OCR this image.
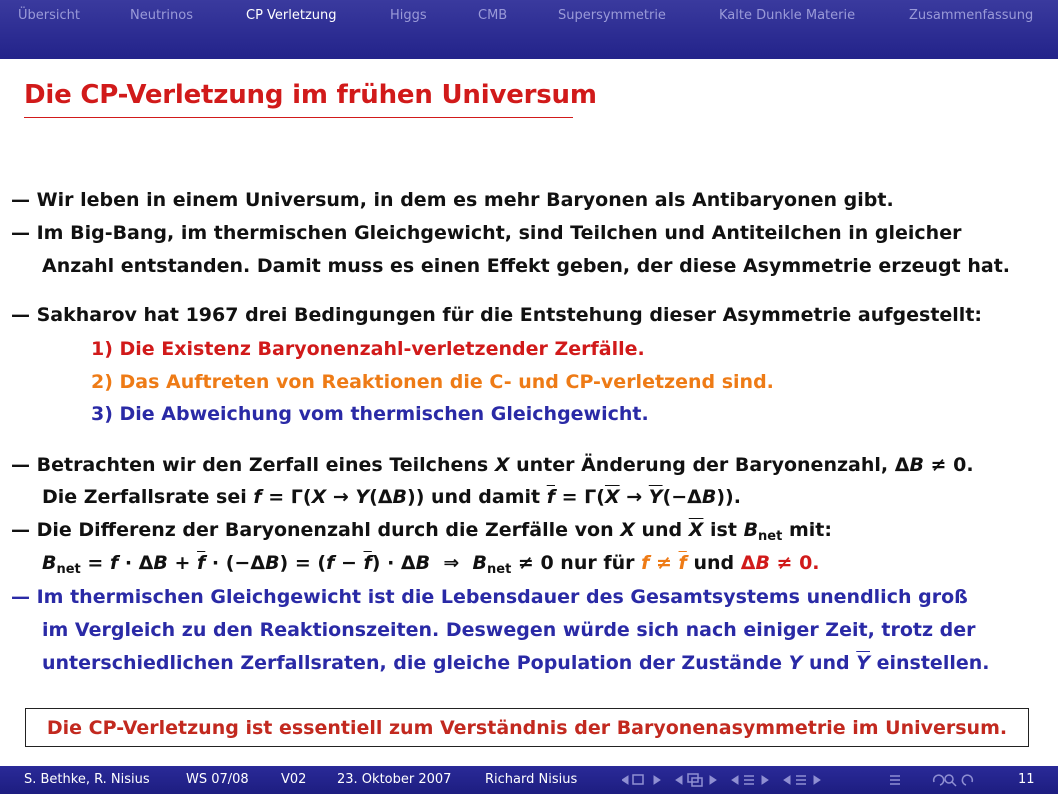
Übersicht	Neutrinos	CP Verletzung	Higgs	CMB	Supersymmetrie	Kalte Dunkle Materie	Zusammenfassung
Die CP-Verletzung im frühen Universum
— Wir leben in einem Universum, in dem es mehr Baryonen als Antibaryonen gibt.
— Im Big-Bang, im thermischen Gleichgewicht, sind Teilchen und Antiteilchen in gleicher
Anzahl entstanden. Damit muss es einen Effekt geben, der diese Asymmetrie erzeugt hat.
— Sakharov hat 1967 drei Bedingungen für die Entstehung dieser Asymmetrie aufgestellt:
1) Die Existenz Baryonenzahl-verletzender Zerfälle.
2) Das Auftreten von Reaktionen die C- und CP-verletzend sind.
3) Die Abweichung vom thermischen Gleichgewicht.
— Betrachten wir den Zerfall eines Teilchens X unter Änderung der Baryonenzahl, ΔB ≠ 0.
Die Zerfallsrate sei f = Γ(X → Y(ΔB)) und damit $\overline{f} = \Gamma(\overline{X} \to \overline{Y}(-\Delta B))$.
— Die Differenz der Baryonenzahl durch die Zerfälle von X und $\overline{X}$ ist $B_{net}$ mit:
$B_{net} = f \cdot \Delta B + \overline{f} \cdot (-\Delta B) = (f - \overline{f}) \cdot \Delta B$  ⇒  $B_{net} \ne 0$ nur für $f \ne \overline{f}$ und ΔB ≠ 0.
— Im thermischen Gleichgewicht ist die Lebensdauer des Gesamtsystems unendlich groß
im Vergleich zu den Reaktionszeiten. Deswegen würde sich nach einiger Zeit, trotz der
unterschiedlichen Zerfallsraten, die gleiche Population der Zustände Y und $\overline{Y}$ einstellen.
Die CP-Verletzung ist essentiell zum Verständnis der Baryonenasymmetrie im Universum.
S. Bethke, R. Nisius	WS 07/08 V02 23. Oktober 2007	Richard Nisius	11
